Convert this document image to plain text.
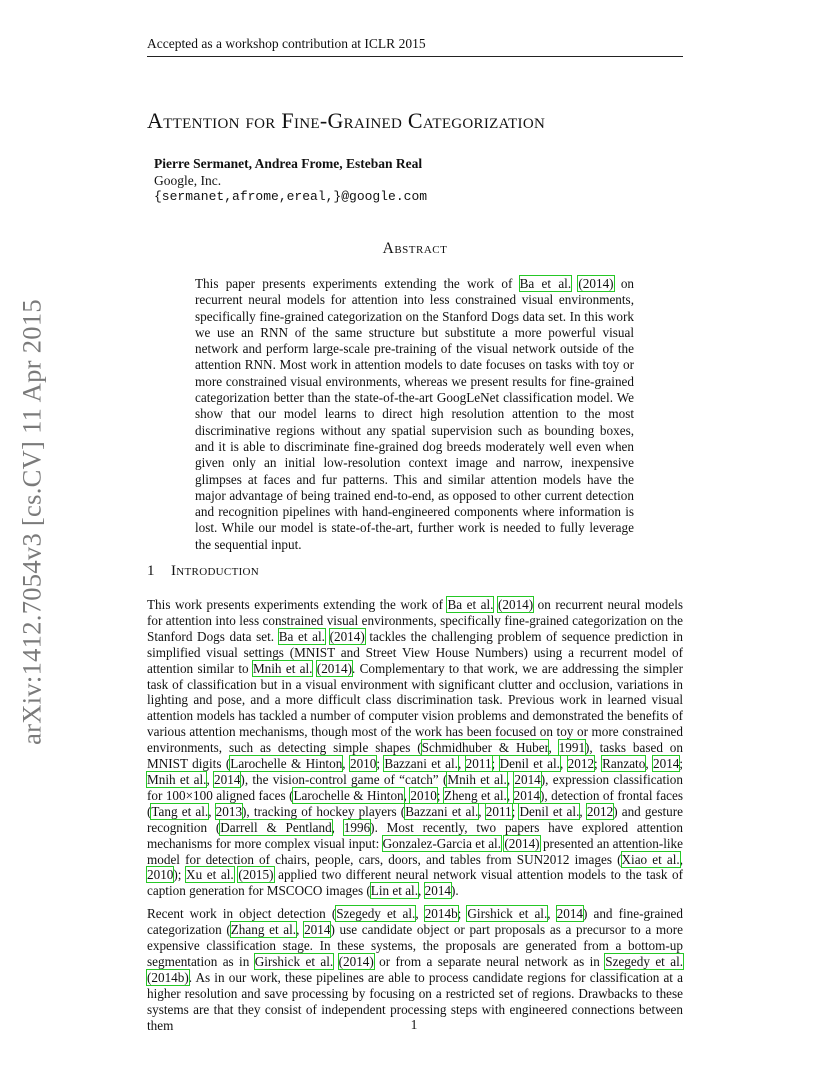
Accepted as a workshop contribution at ICLR 2015
arXiv:1412.7054v3 [cs.CV] 11 Apr 2015
Attention for Fine-Grained Categorization
Pierre Sermanet, Andrea Frome, Esteban Real
Google, Inc.
{sermanet,afrome,ereal,}@google.com
Abstract
This paper presents experiments extending the work of Ba et al. (2014) on recurrent neural models for attention into less constrained visual environments, specifically fine-grained categorization on the Stanford Dogs data set. In this work we use an RNN of the same structure but substitute a more powerful visual network and perform large-scale pre-training of the visual network outside of the attention RNN. Most work in attention models to date focuses on tasks with toy or more constrained visual environments, whereas we present results for fine-grained categorization better than the state-of-the-art GoogLeNet classification model. We show that our model learns to direct high resolution attention to the most discriminative regions without any spatial supervision such as bounding boxes, and it is able to discriminate fine-grained dog breeds moderately well even when given only an initial low-resolution context image and narrow, inexpensive glimpses at faces and fur patterns. This and similar attention models have the major advantage of being trained end-to-end, as opposed to other current detection and recognition pipelines with hand-engineered components where information is lost. While our model is state-of-the-art, further work is needed to fully leverage the sequential input.
1 Introduction

This work presents experiments extending the work of Ba et al. (2014) on recurrent neural models for attention into less constrained visual environments, specifically fine-grained categorization on the Stanford Dogs data set. Ba et al. (2014) tackles the challenging problem of sequence prediction in simplified visual settings (MNIST and Street View House Numbers) using a recurrent model of attention similar to Mnih et al. (2014). Complementary to that work, we are addressing the simpler task of classification but in a visual environment with significant clutter and occlusion, variations in lighting and pose, and a more difficult class discrimination task. Previous work in learned visual attention models has tackled a number of computer vision problems and demonstrated the benefits of various attention mechanisms, though most of the work has been focused on toy or more constrained environments, such as detecting simple shapes (Schmidhuber & Huber, 1991), tasks based on MNIST digits (Larochelle & Hinton, 2010; Bazzani et al., 2011; Denil et al., 2012; Ranzato, 2014; Mnih et al., 2014), the vision-control game of “catch” (Mnih et al., 2014), expression classification for 100×100 aligned faces (Larochelle & Hinton, 2010; Zheng et al., 2014), detection of frontal faces (Tang et al., 2013), tracking of hockey players (Bazzani et al., 2011; Denil et al., 2012) and gesture recognition (Darrell & Pentland, 1996). Most recently, two papers have explored attention mechanisms for more complex visual input: Gonzalez-Garcia et al. (2014) presented an attention-like model for detection of chairs, people, cars, doors, and tables from SUN2012 images (Xiao et al., 2010); Xu et al. (2015) applied two different neural network visual attention models to the task of caption generation for MSCOCO images (Lin et al., 2014).

Recent work in object detection (Szegedy et al., 2014b; Girshick et al., 2014) and fine-grained categorization (Zhang et al., 2014) use candidate object or part proposals as a precursor to a more expensive classification stage. In these systems, the proposals are generated from a bottom-up segmentation as in Girshick et al. (2014) or from a separate neural network as in Szegedy et al. (2014b). As in our work, these pipelines are able to process candidate regions for classification at a higher resolution and save processing by focusing on a restricted set of regions. Drawbacks to these systems are that they consist of independent processing steps with engineered connections between them	1
